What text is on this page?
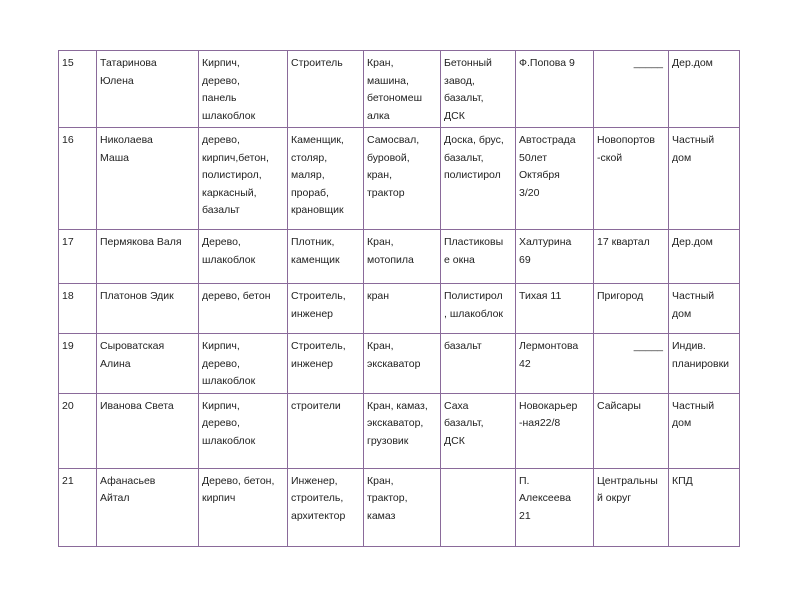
15	Татаринова
Юлена	Кирпич,
дерево,
панель
шлакоблок	Строитель	Кран,
машина,
бетономеш
алка	Бетонный
завод,
базальт,
ДСК	Ф.Попова 9	_____	Дер.дом
16	Николаева
Маша	дерево,
кирпич,бетон,
полистирол,
каркасный,
базальт	Каменщик,
столяр,
маляр,
прораб,
крановщик	Самосвал,
буровой,
кран,
трактор	Доска, брус,
базальт,
полистирол	Автострада
50лет
Октября
3/20	Новопортов
-ской	Частный
дом
17	Пермякова Валя	Дерево,
шлакоблок	Плотник,
каменщик	Кран,
мотопила	Пластиковы
е окна	Халтурина
69	17 квартал	Дер.дом
18	Платонов Эдик	дерево, бетон	Строитель,
инженер	кран	Полистирол
, шлакоблок	Тихая 11	Пригород	Частный
дом
19	Сыроватская
Алина	Кирпич,
дерево,
шлакоблок	Строитель,
инженер	Кран,
экскаватор	базальт	Лермонтова
42	_____	Индив.
планировки
20	Иванова Света	Кирпич,
дерево,
шлакоблок	строители	Кран, камаз,
экскаватор,
грузовик	Саха
базальт,
ДСК	Новокарьер
-ная22/8	Сайсары	Частный
дом
21	Афанасьев
Айтал	Дерево, бетон,
кирпич	Инженер,
строитель,
архитектор	Кран,
трактор,
камаз		П.
Алексеева
21	Центральны
й округ	КПД
